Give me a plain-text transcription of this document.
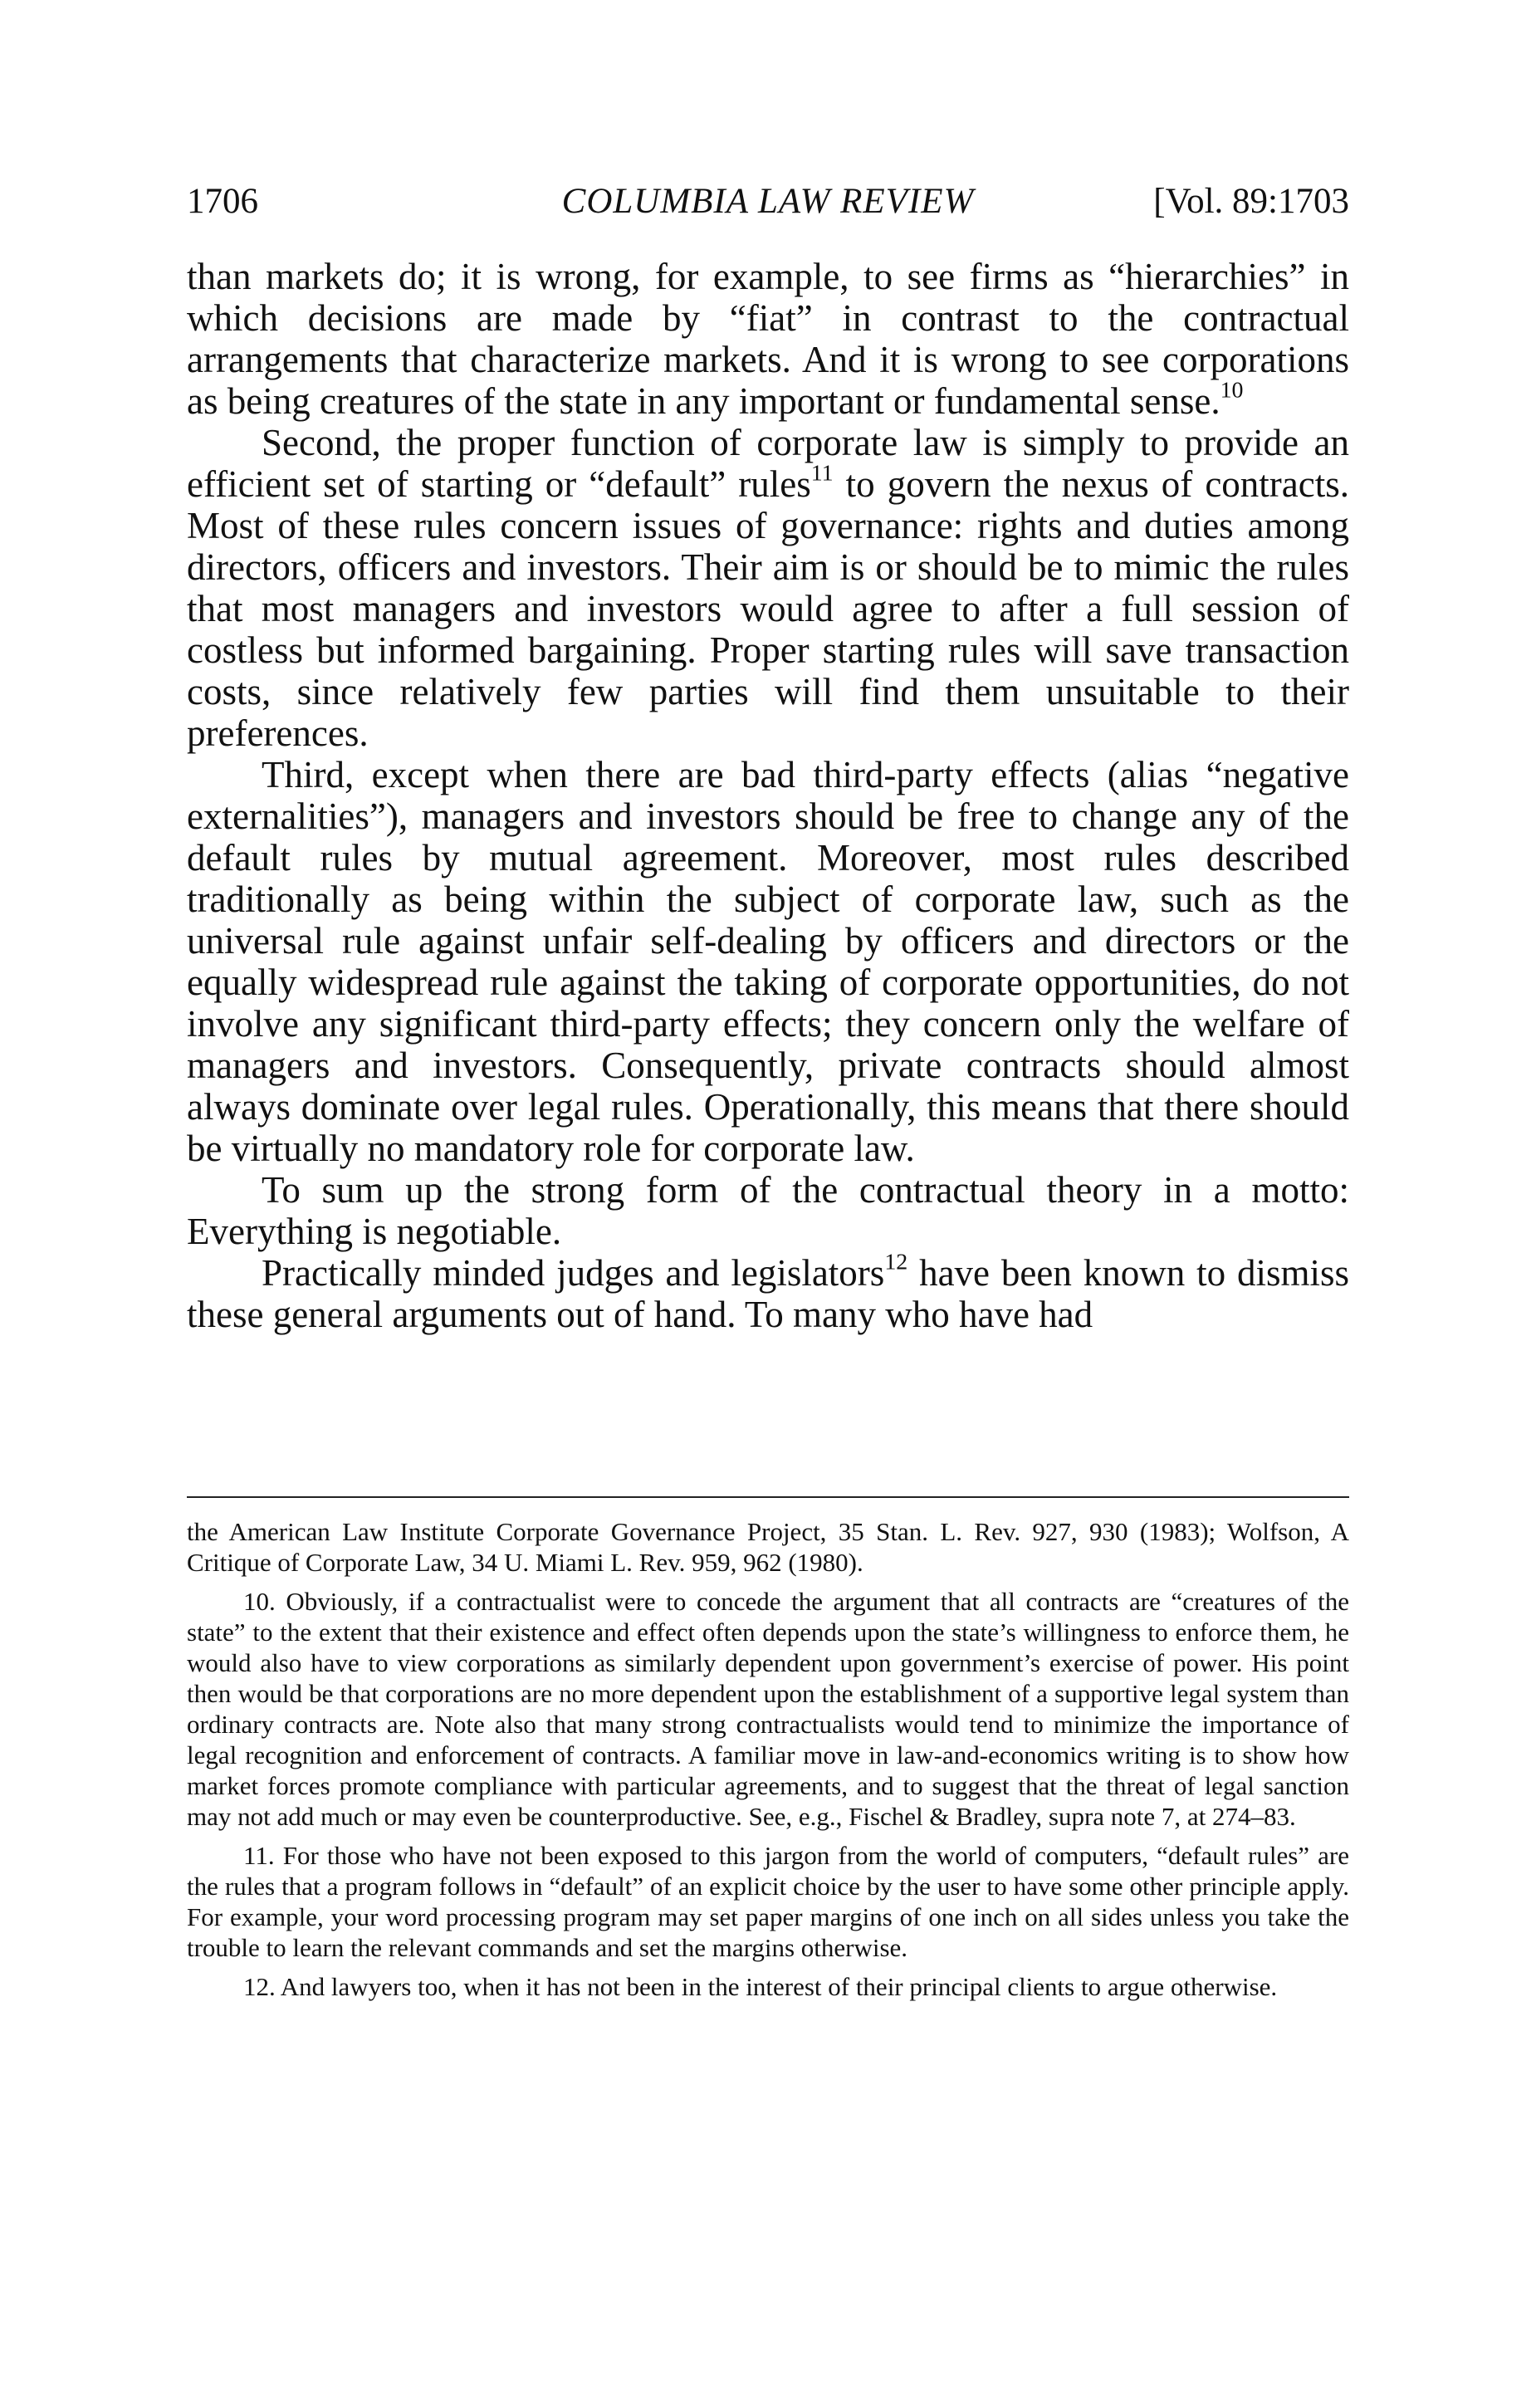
COLUMBIA LAW REVIEW
1706	[Vol. 89:1703

than markets do; it is wrong, for example, to see firms as “hierarchies” in which decisions are made by “fiat” in contrast to the contractual arrangements that characterize markets. And it is wrong to see corporations as being creatures of the state in any important or fundamental sense.$^{10}$

Second, the proper function of corporate law is simply to provide an efficient set of starting or “default” rules$^{11}$ to govern the nexus of contracts. Most of these rules concern issues of governance: rights and duties among directors, officers and investors. Their aim is or should be to mimic the rules that most managers and investors would agree to after a full session of costless but informed bargaining. Proper starting rules will save transaction costs, since relatively few parties will find them unsuitable to their preferences.

Third, except when there are bad third-party effects (alias “negative externalities”), managers and investors should be free to change any of the default rules by mutual agreement. Moreover, most rules described traditionally as being within the subject of corporate law, such as the universal rule against unfair self-dealing by officers and directors or the equally widespread rule against the taking of corporate opportunities, do not involve any significant third-party effects; they concern only the welfare of managers and investors. Consequently, private contracts should almost always dominate over legal rules. Operationally, this means that there should be virtually no mandatory role for corporate law.

To sum up the strong form of the contractual theory in a motto: Everything is negotiable.

Practically minded judges and legislators$^{12}$ have been known to dismiss these general arguments out of hand. To many who have had

the American Law Institute Corporate Governance Project, 35 Stan. L. Rev. 927, 930 (1983); Wolfson, A Critique of Corporate Law, 34 U. Miami L. Rev. 959, 962 (1980).

10. Obviously, if a contractualist were to concede the argument that all contracts are “creatures of the state” to the extent that their existence and effect often depends upon the state’s willingness to enforce them, he would also have to view corporations as similarly dependent upon government’s exercise of power. His point then would be that corporations are no more dependent upon the establishment of a supportive legal system than ordinary contracts are. Note also that many strong contractualists would tend to minimize the importance of legal recognition and enforcement of contracts. A familiar move in law-and-economics writing is to show how market forces promote compliance with particular agreements, and to suggest that the threat of legal sanction may not add much or may even be counterproductive. See, e.g., Fischel & Bradley, supra note 7, at 274–83.

11. For those who have not been exposed to this jargon from the world of computers, “default rules” are the rules that a program follows in “default” of an explicit choice by the user to have some other principle apply. For example, your word processing program may set paper margins of one inch on all sides unless you take the trouble to learn the relevant commands and set the margins otherwise.

12. And lawyers too, when it has not been in the interest of their principal clients to argue otherwise.
